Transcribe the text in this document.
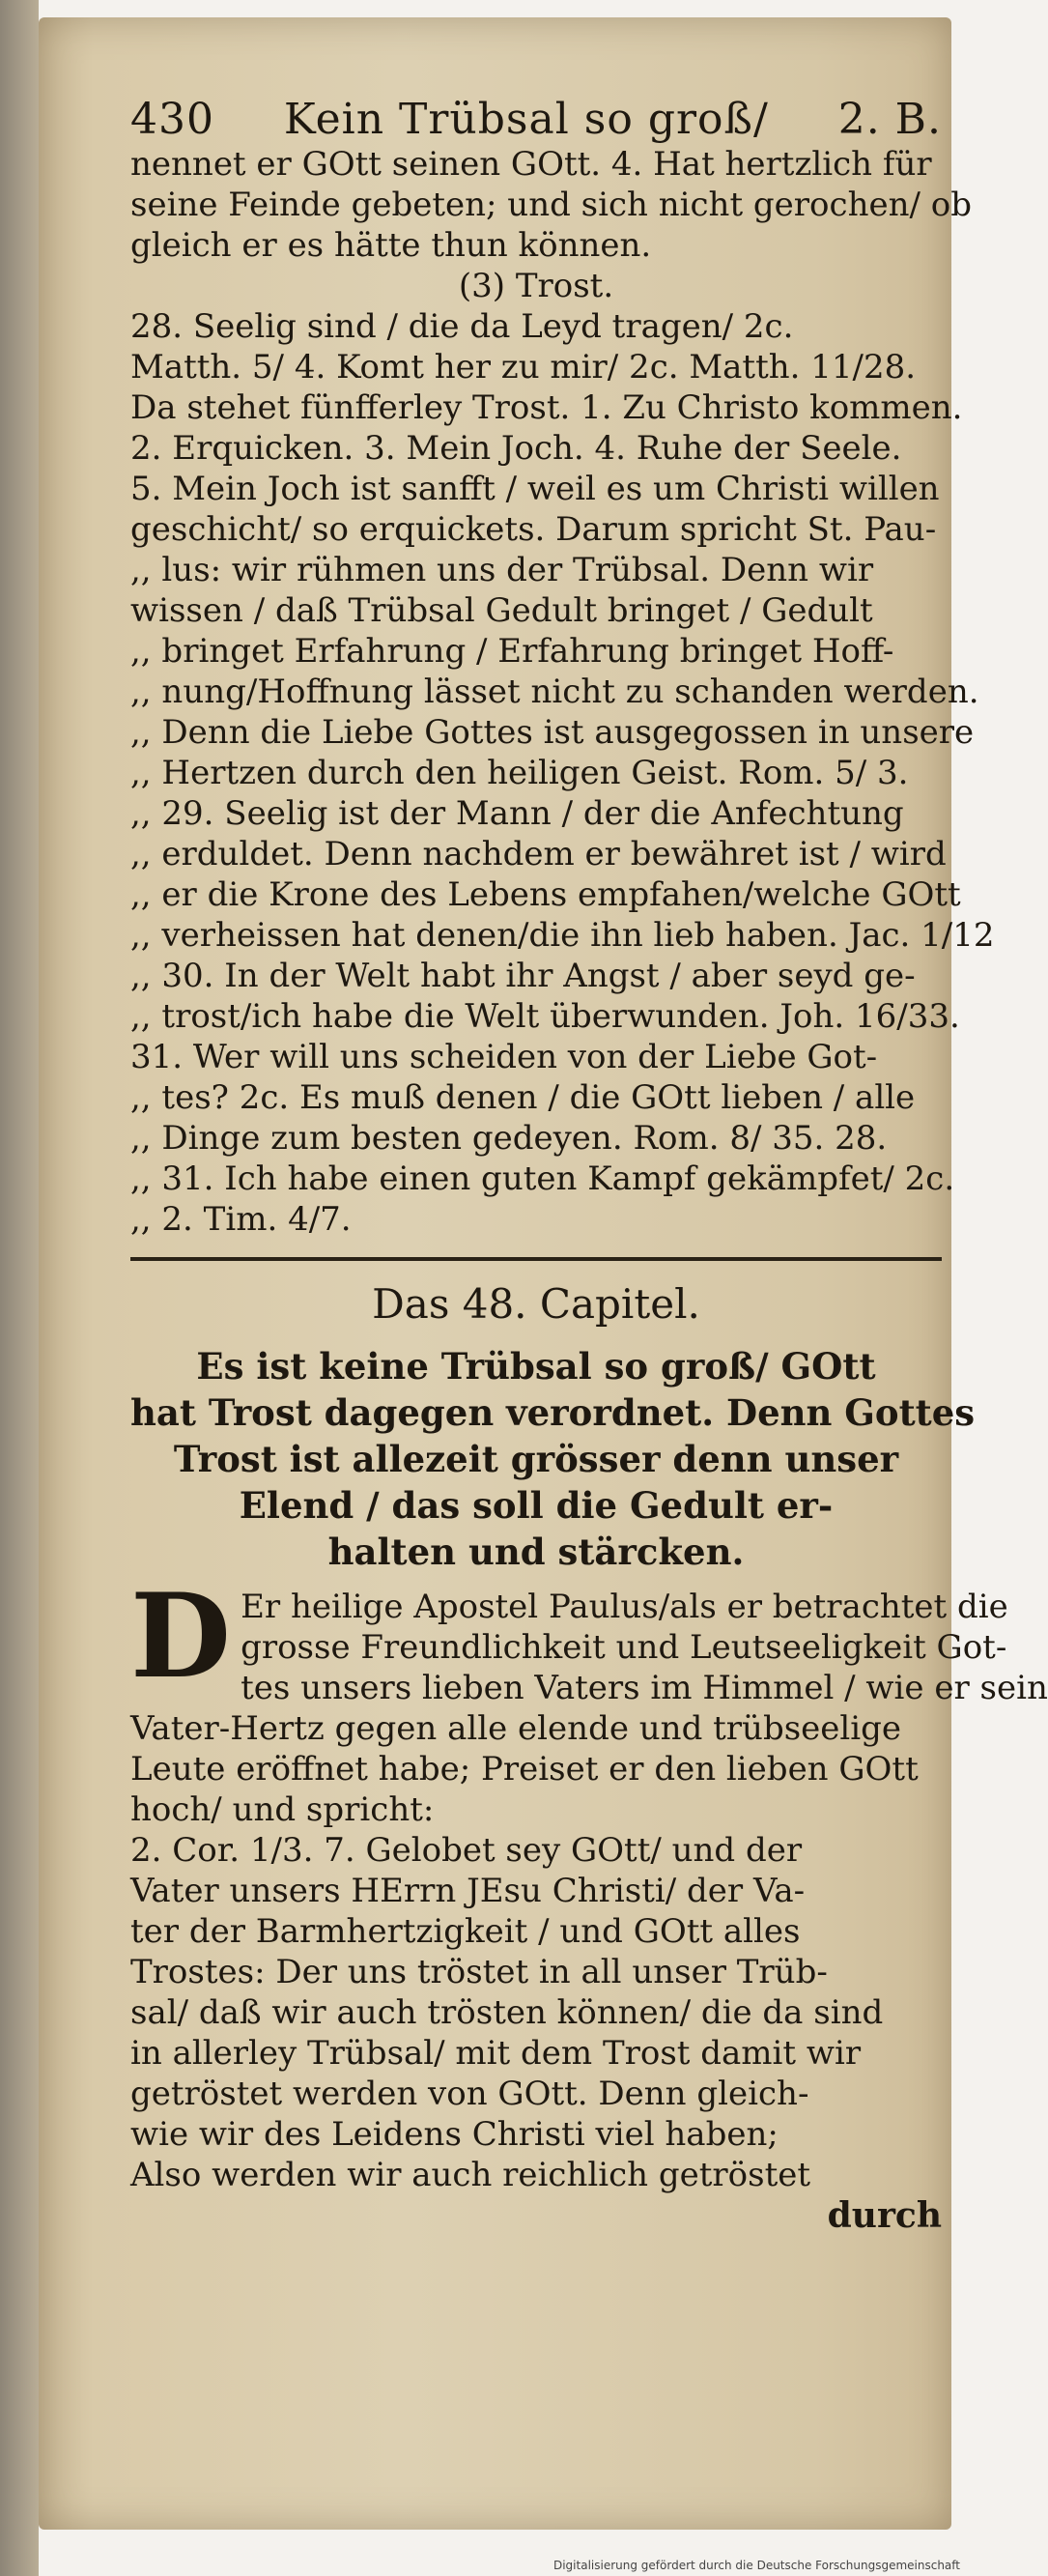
430 Kein Trübsal so groß/ 2. B.
nennet er GOtt seinen GOtt. 4. Hat hertzlich für
seine Feinde gebeten; und sich nicht gerochen/ ob
gleich er es hätte thun können.
(3) Trost.
28. Seelig sind / die da Leyd tragen/ 2c.
Matth. 5/ 4. Komt her zu mir/ 2c. Matth. 11/28.
Da stehet fünfferley Trost. 1. Zu Christo kommen.
2. Erquicken. 3. Mein Joch. 4. Ruhe der Seele.
5. Mein Joch ist sanfft / weil es um Christi willen
geschicht/ so erquickets. Darum spricht St. Pau-
,, lus: wir rühmen uns der Trübsal. Denn wir
wissen / daß Trübsal Gedult bringet / Gedult
,, bringet Erfahrung / Erfahrung bringet Hoff-
,, nung/Hoffnung lässet nicht zu schanden werden.
,, Denn die Liebe Gottes ist ausgegossen in unsere
,, Hertzen durch den heiligen Geist. Rom. 5/ 3.
,, 29. Seelig ist der Mann / der die Anfechtung
,, erduldet. Denn nachdem er bewähret ist / wird
,, er die Krone des Lebens empfahen/welche GOtt
,, verheissen hat denen/die ihn lieb haben. Jac. 1/12
,, 30. In der Welt habt ihr Angst / aber seyd ge-
,, trost/ich habe die Welt überwunden. Joh. 16/33.
31. Wer will uns scheiden von der Liebe Got-
,, tes? 2c. Es muß denen / die GOtt lieben / alle
,, Dinge zum besten gedeyen. Rom. 8/ 35. 28.
,, 31. Ich habe einen guten Kampf gekämpfet/ 2c.
,, 2. Tim. 4/7.
Das 48. Capitel.
Es ist keine Trübsal so groß/ GOtt
hat Trost dagegen verordnet. Denn Gottes
Trost ist allezeit grösser denn unser
Elend / das soll die Gedult er-
halten und stärcken.
D Er heilige Apostel Paulus/als er betrachtet die
grosse Freundlichkeit und Leutseeligkeit Got-
tes unsers lieben Vaters im Himmel / wie er sein
Vater-Hertz gegen alle elende und trübseelige
Leute eröffnet habe; Preiset er den lieben GOtt
hoch/ und spricht:
2. Cor. 1/3. 7. Gelobet sey GOtt/ und der
Vater unsers HErrn JEsu Christi/ der Va-
ter der Barmhertzigkeit / und GOtt alles
Trostes: Der uns tröstet in all unser Trüb-
sal/ daß wir auch trösten können/ die da sind
in allerley Trübsal/ mit dem Trost damit wir
getröstet werden von GOtt. Denn gleich-
wie wir des Leidens Christi viel haben;
Also werden wir auch reichlich getröstet
durch
Digitalisierung gefördert durch die Deutsche Forschungsgemeinschaft
